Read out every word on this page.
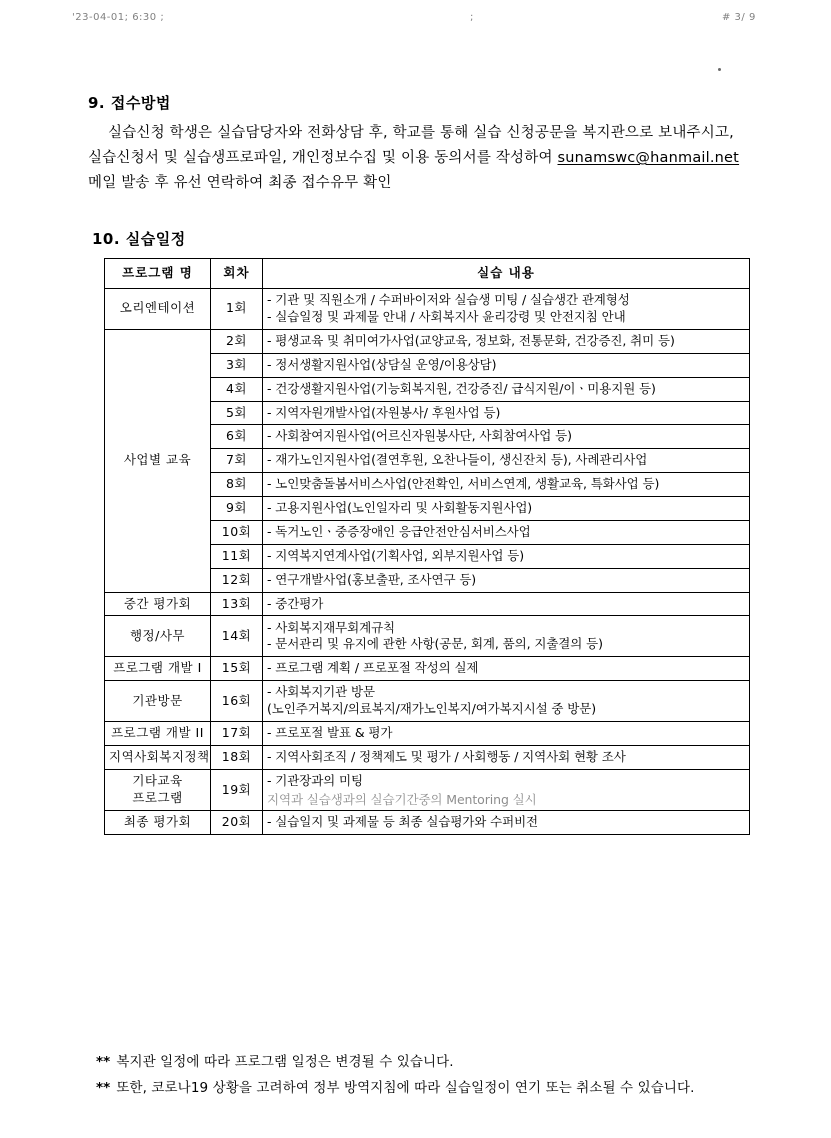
'23-04-01; 6:30 ;	;	# 3/ 9
9. 접수방법
실습신청 학생은 실습담당자와 전화상담 후, 학교를 통해 실습 신청공문을 복지관으로 보내주시고, 실습신청서 및 실습생프로파일, 개인정보수집 및 이용 동의서를 작성하여 sunamswc@hanmail.net 메일 발송 후 유선 연락하여 최종 접수유무 확인
10. 실습일정
프로그램 명	회차	실습 내용

오리엔테이션	1회	- 기관 및 직원소개 / 수퍼바이저와 실습생 미팅 / 실습생간 관계형성
- 실습일정 및 과제물 안내 / 사회복지사 윤리강령 및 안전지침 안내

사업별 교육	2회	- 평생교육 및 취미여가사업(교양교육, 정보화, 전통문화, 건강증진, 취미 등)

	3회	- 정서생활지원사업(상담실 운영/이용상담)

	4회	- 건강생활지원사업(기능회복지원, 건강증진/ 급식지원/이ㆍ미용지원 등)

	5회	- 지역자원개발사업(자원봉사/ 후원사업 등)

	6회	- 사회참여지원사업(어르신자원봉사단, 사회참여사업 등)

	7회	- 재가노인지원사업(결연후원, 오찬나들이, 생신잔치 등), 사례관리사업

	8회	- 노인맞춤돌봄서비스사업(안전확인, 서비스연계, 생활교육, 특화사업 등)

	9회	- 고용지원사업(노인일자리 및 사회활동지원사업)

	10회	- 독거노인ㆍ중증장애인 응급안전안심서비스사업

	11회	- 지역복지연계사업(기획사업, 외부지원사업 등)

	12회	- 연구개발사업(홍보출판, 조사연구 등)

중간 평가회	13회	- 중간평가

행정/사무	14회	- 사회복지재무회계규칙
- 문서관리 및 유지에 관한 사항(공문, 회계, 품의, 지출결의 등)

프로그램 개발 I	15회	- 프로그램 계획 / 프로포절 작성의 실제

기관방문	16회	- 사회복지기관 방문
(노인주거복지/의료복지/재가노인복지/여가복지시설 중 방문)

프로그램 개발 II	17회	- 프로포절 발표 & 평가

지역사회복지정책	18회	- 지역사회조직 / 정책제도 및 평가 / 사회행동 / 지역사회 현황 조사

기타교육
프로그램	19회	- 기관장과의 미팅
지역과 실습생과의 실습기간중의 Mentoring 실시

최종 평가회	20회	- 실습일지 및 과제물 등 최종 실습평가와 수퍼비전
** 복지관 일정에 따라 프로그램 일정은 변경될 수 있습니다.
** 또한, 코로나19 상황을 고려하여 정부 방역지침에 따라 실습일정이 연기 또는 취소될 수 있습니다.
